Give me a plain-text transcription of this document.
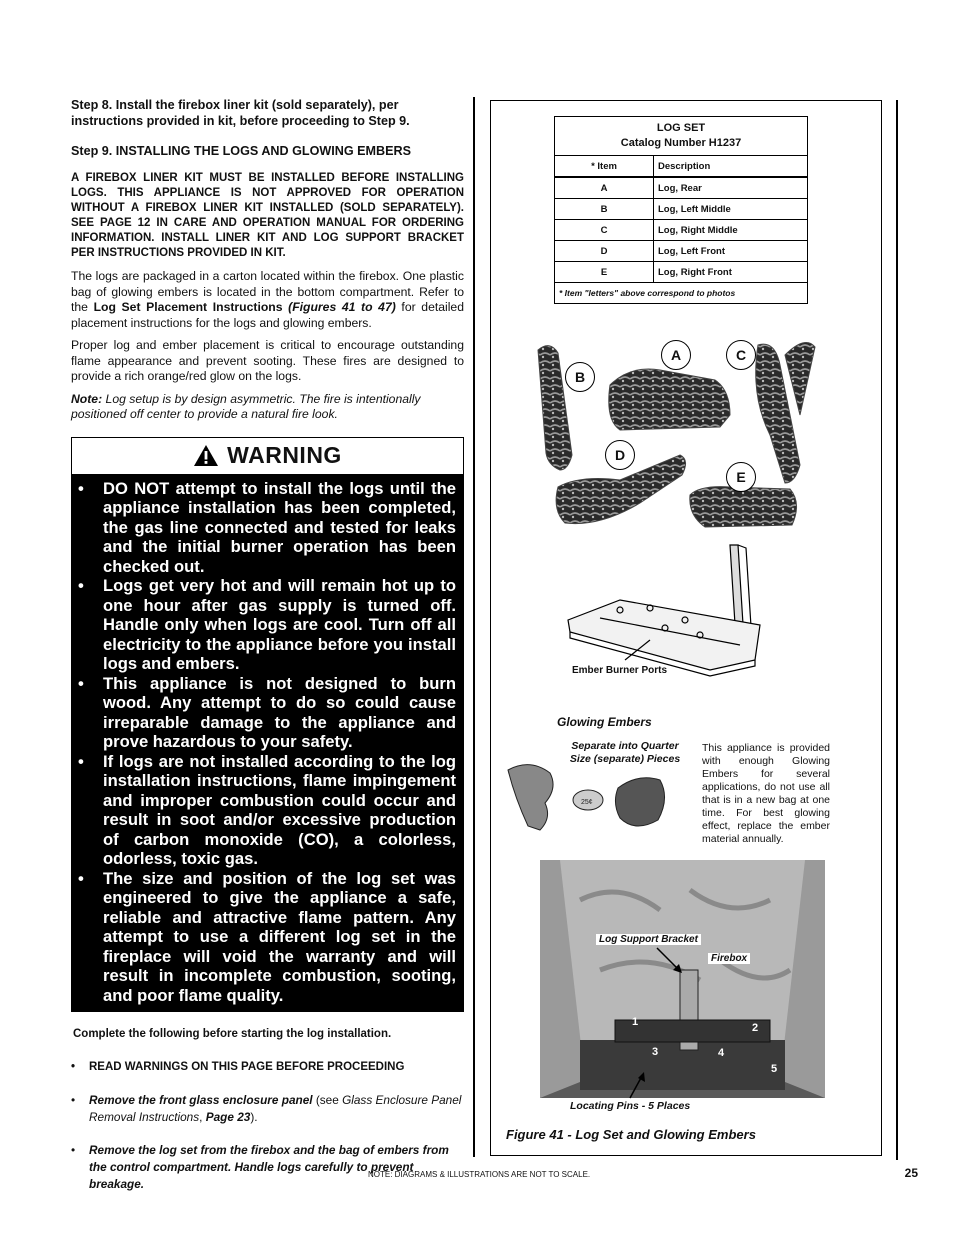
Step 8. Install the firebox liner kit (sold separately), per instructions provided in kit, before proceeding to Step 9.

Step 9. INSTALLING THE LOGS AND GLOWING EMBERS

A FIREBOX LINER KIT MUST BE INSTALLED BEFORE INSTALLING LOGS. THIS APPLIANCE IS NOT APPROVED FOR OPERATION WITHOUT A FIREBOX LINER KIT INSTALLED (SOLD SEPARATELY). SEE PAGE 12 IN CARE AND OPERATION MANUAL FOR ORDERING INFORMATION. INSTALL LINER KIT AND LOG SUPPORT BRACKET PER INSTRUCTIONS PROVIDED IN KIT.

The logs are packaged in a carton located within the firebox. One plastic bag of glowing embers is located in the bottom compartment. Refer to the Log Set Placement Instructions (Figures 41 to 47) for detailed placement instructions for the logs and glowing embers.

Proper log and ember placement is critical to encourage outstanding flame appearance and prevent sooting. These fires are designed to provide a rich orange/red glow on the logs.

Note: Log setup is by design asymmetric. The fire is intentionally positioned off center to provide a natural fire look.

WARNING
•	DO NOT attempt to install the logs until the appliance installation has been completed, the gas line connected and tested for leaks and the initial burner operation has been checked out.
•	Logs get very hot and will remain hot up to one hour after gas supply is turned off. Handle only when logs are cool. Turn off all electricity to the appliance before you install logs and embers.
•	This appliance is not designed to burn wood. Any attempt to do so could cause irreparable damage to the appliance and prove hazardous to your safety.
•	If logs are not installed according to the log installation instructions, flame impingement and improper combustion could occur and result in soot and/or excessive production of carbon monoxide (CO), a colorless, odorless, toxic gas.
•	The size and position of the log set was engineered to give the appliance a safe, reliable and attractive flame pattern. Any attempt to use a different log set in the fireplace will void the warranty and will result in incomplete combustion, sooting, and poor flame quality.
Complete the following before starting the log installation.
•	READ WARNINGS ON THIS PAGE BEFORE PROCEEDING
•	Remove the front glass enclosure panel (see Glass Enclosure Panel Removal Instructions, Page 23).
•	Remove the log set from the firebox and the bag of embers from the control compartment. Handle logs carefully to prevent breakage.
LOG SET
Catalog Number H1237	

* Item	Description
A	Log, Rear
B	Log, Left Middle
C	Log, Right Middle
D	Log, Left Front
E	Log, Right Front
* Item "letters" above correspond to photos	
A
B
C
D
E
Ember Burner Ports
Glowing Embers
Separate into Quarter Size (separate) Pieces
25¢
This appliance is provided with enough Glowing Embers for several applications, do not use all that is in a new bag at one time. For best glowing effect, replace the ember material annually.
Log Support Bracket
Firebox
1	2
3	4
5
Locating Pins - 5 Places
Figure 41 - Log Set and Glowing Embers
NOTE: DIAGRAMS & ILLUSTRATIONS ARE NOT TO SCALE.	25
